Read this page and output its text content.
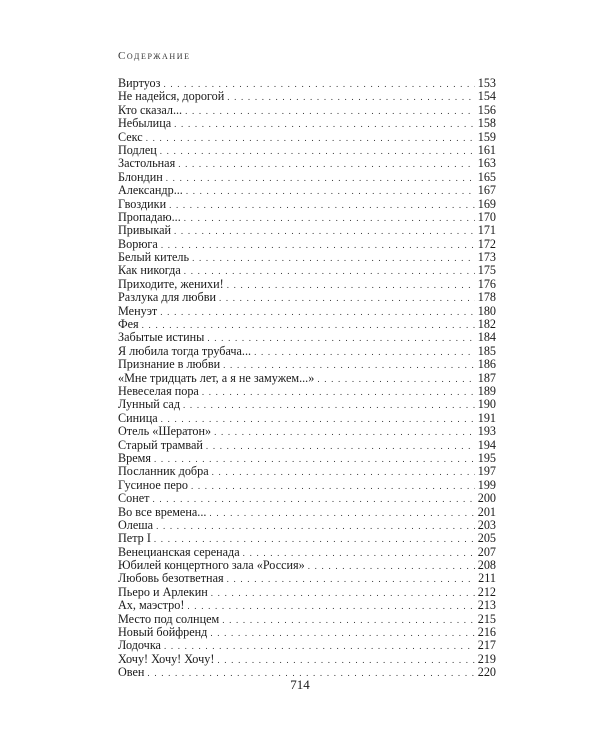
Содержание
Виртуоз . . .	153
Не надейся, дорогой . . .	154
Кто сказал... . . .	156
Небылица . . .	158
Секс . . .	159
Подлец . . .	161
Застольная . . .	163
Блондин . . .	165
Александр... . . .	167
Гвоздики . . .	169
Пропадаю... . . .	170
Привыкай . . .	171
Ворюга . . .	172
Белый китель . . .	173
Как никогда . . .	175
Приходите, женихи! . . .	176
Разлука для любви . . .	178
Менуэт . . .	180
Фея . . .	182
Забытые истины . . .	184
Я любила тогда трубача... . . .	185
Признание в любви . . .	186
«Мне тридцать лет, а я не замужем...» . . .	187
Невеселая пора . . .	189
Лунный сад . . .	190
Синица . . .	191
Отель «Шератон» . . .	193
Старый трамвай . . .	194
Время . . .	195
Посланник добра . . .	197
Гусиное перо . . .	199
Сонет . . .	200
Во все времена... . . .	201
Олеша . . .	203
Петр I . . .	205
Венецианская серенада . . .	207
Юбилей концертного зала «Россия» . . .	208
Любовь безответная . . .	211
Пьеро и Арлекин . . .	212
Ах, маэстро! . . .	213
Место под солнцем . . .	215
Новый бойфренд . . .	216
Лодочка . . .	217
Хочу! Хочу! Хочу! . . .	219
Овен . . .	220
714
